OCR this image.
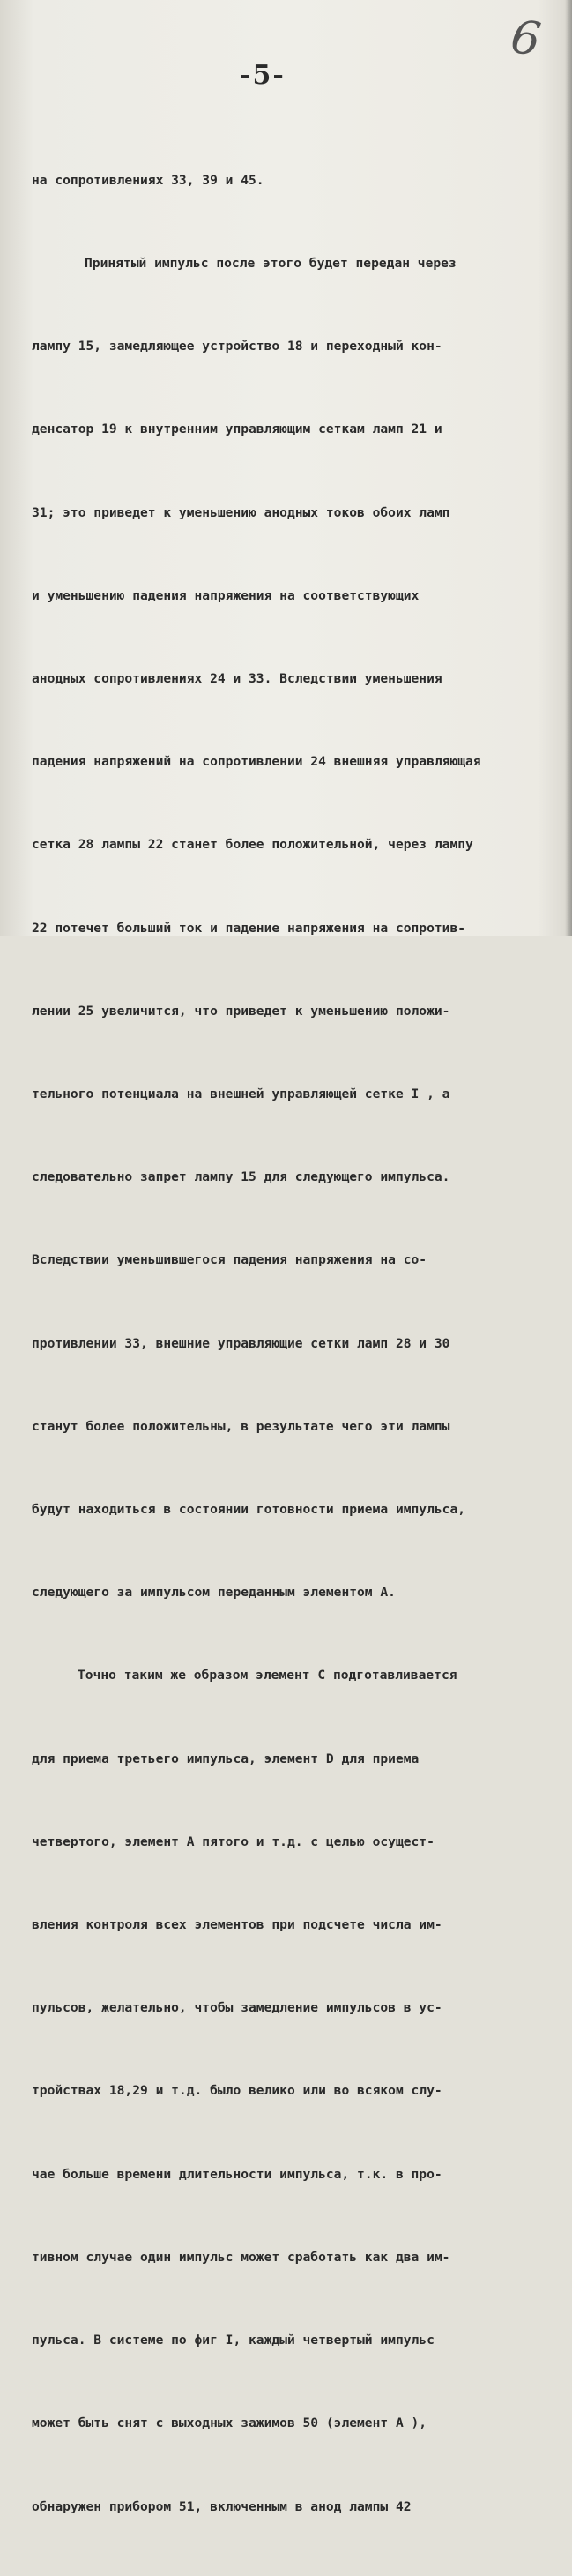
6
-5-

на сопротивлениях 33, 39 и 45.

Принятый импульс после этого будет передан через

лампу 15, замедляющее устройство 18 и переходный кон-

денсатор 19 к внутренним управляющим сеткам ламп 21 и

31; это приведет к уменьшению анодных токов обоих ламп

и уменьшению падения напряжения на соответствующих

анодных сопротивлениях 24 и 33. Вследствии уменьшения

падения напряжений на сопротивлении 24 внешняя управляющая

сетка 28 лампы 22 станет более положительной, через лампу

22 потечет больший ток и падение напряжения на сопротив-

лении 25 увеличится, что приведет к уменьшению положи-

тельного потенциала на внешней управляющей сетке I , а

следовательно запрет лампу 15 для следующего импульса.

Вследствии уменьшившегося падения напряжения на со-

противлении 33, внешние управляющие сетки ламп 28 и 30

станут более положительны, в результате чего эти лампы

будут находиться в состоянии готовности приема импульса,

следующего за импульсом переданным элементом А.

Точно таким же образом элемент С подготавливается

для приема третьего импульса, элемент D для приема

четвертого, элемент А пятого и т.д. с целью осущест-

вления контроля всех элементов при подсчете числа им-

пульсов, желательно, чтобы замедление импульсов в ус-

тройствах 18,29 и т.д. было велико или во всяком слу-

чае больше времени длительности импульса, т.к. в про-

тивном случае один импульс может сработать как два им-

пульса. В системе по фиг I, каждый четвертый импульс

может быть снят с выходных зажимов 50 (элемент А ),

обнаружен прибором 51, включенным в анод лампы 42
